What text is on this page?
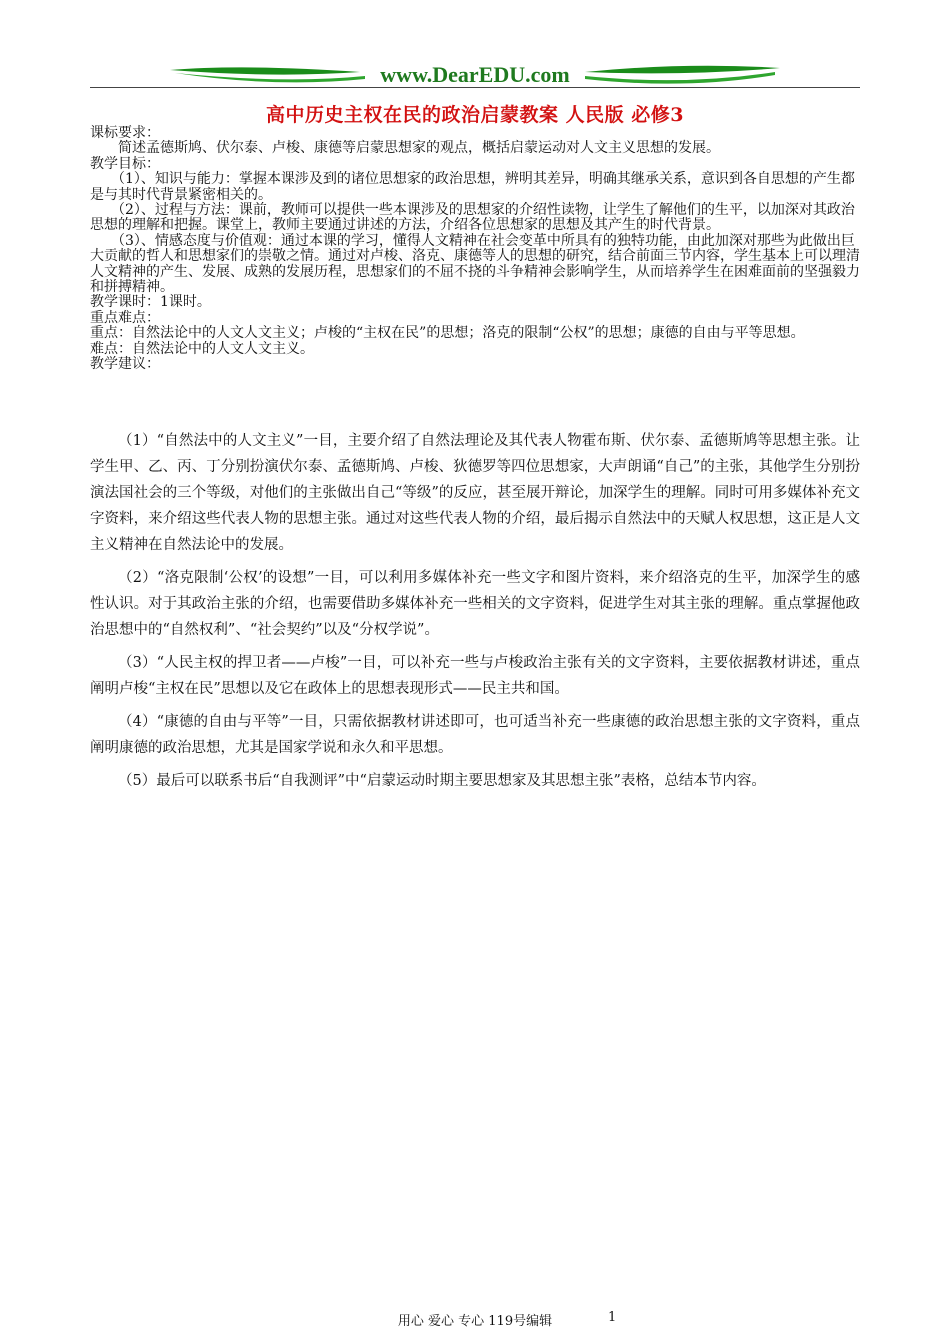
www.DearEDU.com
高中历史主权在民的政治启蒙教案 人民版 必修3

课标要求：

简述孟德斯鸠、伏尔泰、卢梭、康德等启蒙思想家的观点，概括启蒙运动对人文主义思想的发展。

教学目标：

（1）、知识与能力：掌握本课涉及到的诸位思想家的政治思想，辨明其差异，明确其继承关系，意识到各自思想的产生都是与其时代背景紧密相关的。

（2）、过程与方法：课前，教师可以提供一些本课涉及的思想家的介绍性读物，让学生了解他们的生平，以加深对其政治思想的理解和把握。课堂上，教师主要通过讲述的方法，介绍各位思想家的思想及其产生的时代背景。

（3）、情感态度与价值观：通过本课的学习，懂得人文精神在社会变革中所具有的独特功能，由此加深对那些为此做出巨大贡献的哲人和思想家们的崇敬之情。通过对卢梭、洛克、康德等人的思想的研究，结合前面三节内容，学生基本上可以理清人文精神的产生、发展、成熟的发展历程，思想家们的不屈不挠的斗争精神会影响学生，从而培养学生在困难面前的坚强毅力和拼搏精神。

教学课时：1课时。

重点难点：

重点：自然法论中的人文人文主义；卢梭的“主权在民”的思想；洛克的限制“公权”的思想；康德的自由与平等思想。

难点：自然法论中的人文人文主义。

教学建议：

（1）“自然法中的人文主义”一目，主要介绍了自然法理论及其代表人物霍布斯、伏尔泰、孟德斯鸠等思想主张。让学生甲、乙、丙、丁分别扮演伏尔泰、孟德斯鸠、卢梭、狄德罗等四位思想家，大声朗诵“自己”的主张，其他学生分别扮演法国社会的三个等级，对他们的主张做出自己“等级”的反应，甚至展开辩论，加深学生的理解。同时可用多媒体补充文字资料，来介绍这些代表人物的思想主张。通过对这些代表人物的介绍，最后揭示自然法中的天赋人权思想，这正是人文主义精神在自然法论中的发展。

（2）“洛克限制‘公权’的设想”一目，可以利用多媒体补充一些文字和图片资料，来介绍洛克的生平，加深学生的感性认识。对于其政治主张的介绍，也需要借助多媒体补充一些相关的文字资料，促进学生对其主张的理解。重点掌握他政治思想中的“自然权利”、“社会契约”以及“分权学说”。

（3）“人民主权的捍卫者——卢梭”一目，可以补充一些与卢梭政治主张有关的文字资料，主要依据教材讲述，重点阐明卢梭“主权在民”思想以及它在政体上的思想表现形式——民主共和国。

（4）“康德的自由与平等”一目，只需依据教材讲述即可，也可适当补充一些康德的政治思想主张的文字资料，重点阐明康德的政治思想，尤其是国家学说和永久和平思想。

（5）最后可以联系书后“自我测评”中“启蒙运动时期主要思想家及其思想主张”表格，总结本节内容。

用心 爱心 专心 119号编辑	1
